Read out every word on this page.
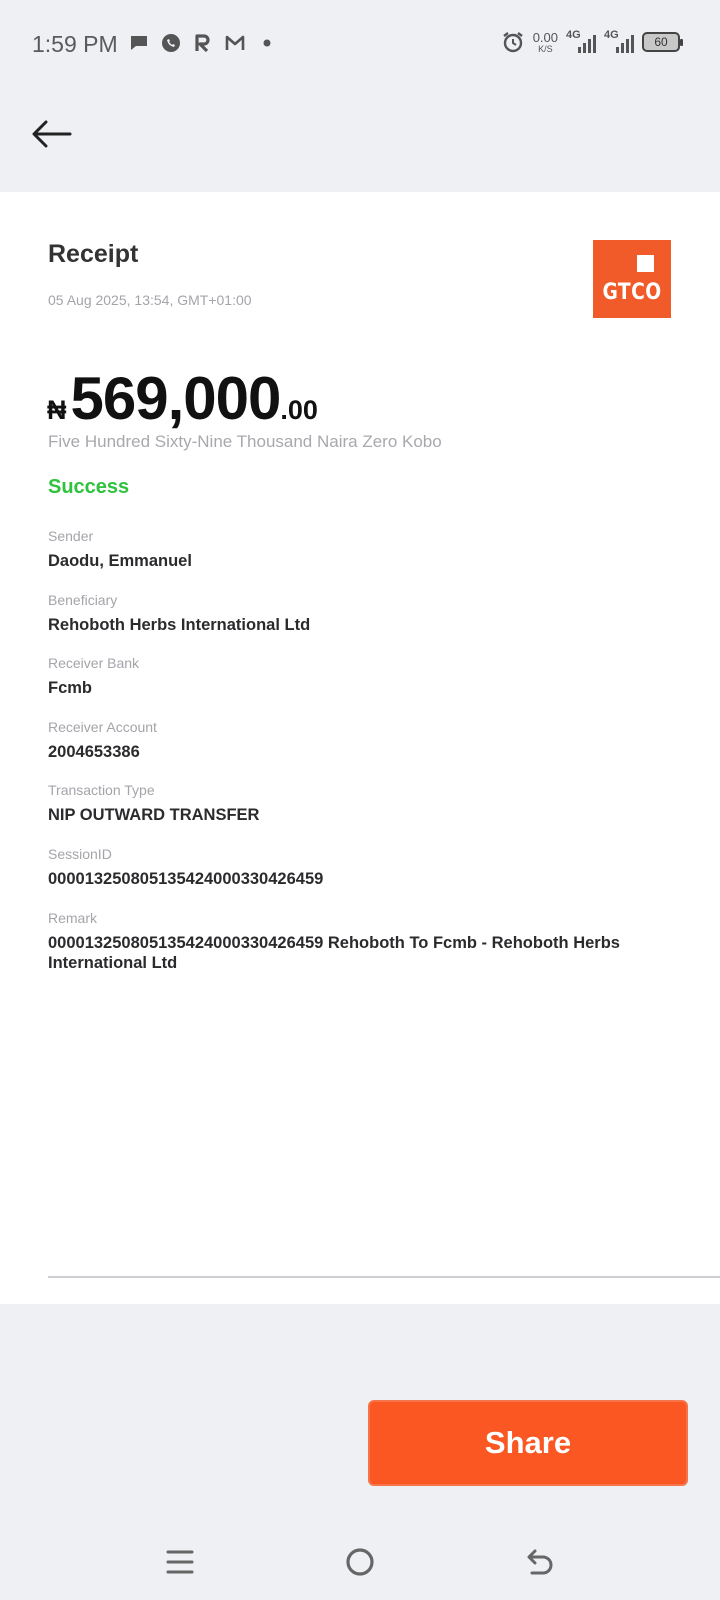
1:59 PM	0.00
K/S
4G 4G	60
Receipt
05 Aug 2025, 13:54, GMT+01:00	GTCO
₦ 569,000 .00
Five Hundred Sixty-Nine Thousand Naira Zero Kobo
Success
Sender
Daodu, Emmanuel
Beneficiary
Rehoboth Herbs International Ltd
Receiver Bank
Fcmb
Receiver Account
2004653386
Transaction Type
NIP OUTWARD TRANSFER
SessionID
000013250805135424000330426459
Remark
000013250805135424000330426459 Rehoboth To Fcmb - Rehoboth Herbs International Ltd
Share
